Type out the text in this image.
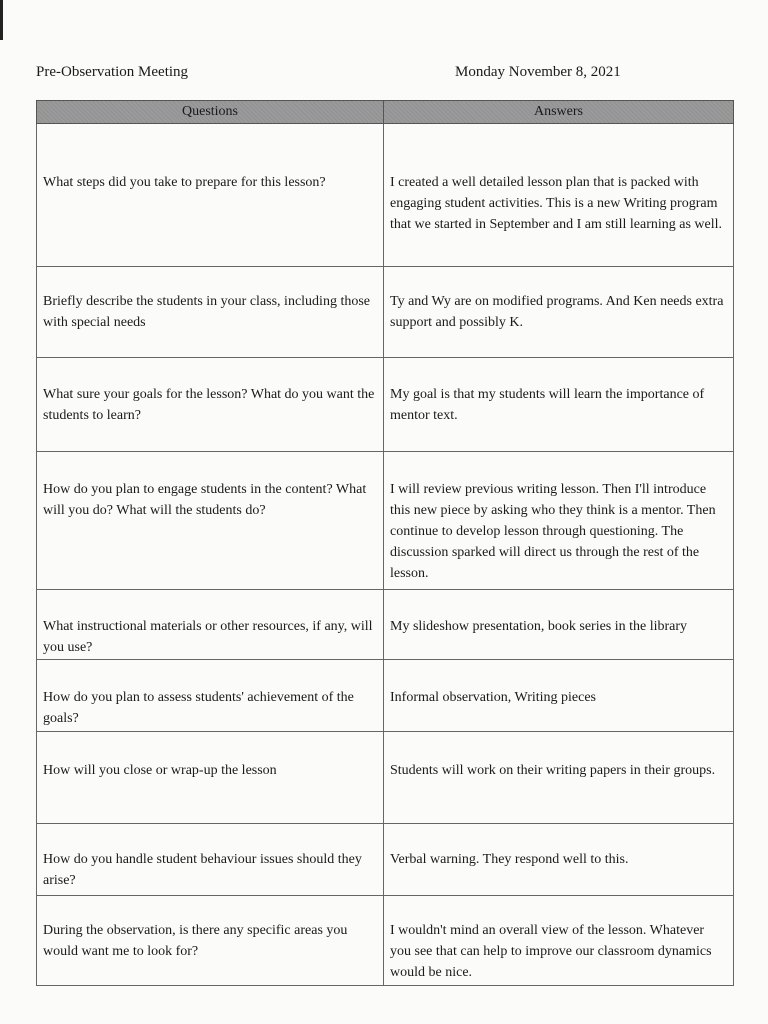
Pre-Observation Meeting	Monday November 8, 2021
Questions	Answers

What steps did you take to prepare for this lesson?	I created a well detailed lesson plan that is packed with engaging student activities. This is a new Writing program that we started in September and I am still learning as well.

Briefly describe the students in your class, including those with special needs	Ty and Wy are on modified programs. And Ken needs extra support and possibly K.

What sure your goals for the lesson? What do you want the students to learn?	My goal is that my students will learn the importance of mentor text.

How do you plan to engage students in the content? What will you do? What will the students do?	I will review previous writing lesson. Then I'll introduce this new piece by asking who they think is a mentor. Then continue to develop lesson through questioning. The discussion sparked will direct us through the rest of the lesson.

What instructional materials or other resources, if any, will you use?	My slideshow presentation, book series in the library

How do you plan to assess students' achievement of the goals?	Informal observation, Writing pieces

How will you close or wrap-up the lesson	Students will work on their writing papers in their groups.

How do you handle student behaviour issues should they arise?	Verbal warning. They respond well to this.

During the observation, is there any specific areas you would want me to look for?	I wouldn't mind an overall view of the lesson. Whatever you see that can help to improve our classroom dynamics would be nice.
